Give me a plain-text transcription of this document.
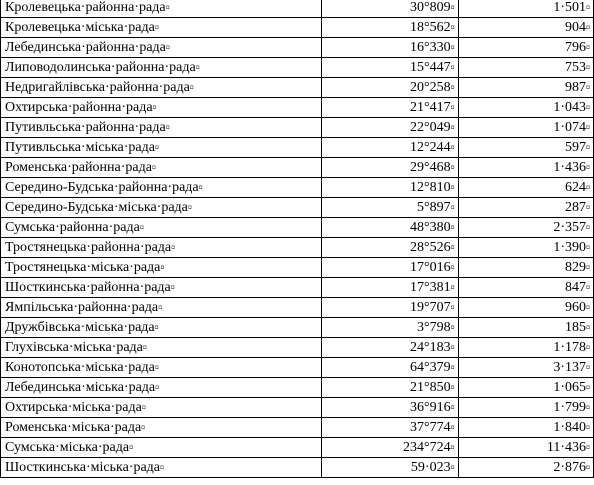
Кролевецька·районна·рада¤	30°809¤	1·501¤
Кролевецька·міська·рада¤	18°562¤	904¤
Лебединська·районна·рада¤	16°330¤	796¤
Липоводолинська·районна·рада¤	15°447¤	753¤
Недригайлівська·районна·рада¤	20°258¤	987¤
Охтирська·районна·рада¤	21°417¤	1·043¤
Путивльська·районна·рада¤	22°049¤	1·074¤
Путивльська·міська·рада¤	12°244¤	597¤
Роменська·районна·рада¤	29°468¤	1·436¤
Середино-Будська·районна·рада¤	12°810¤	624¤
Середино-Будська·міська·рада¤	5°897¤	287¤
Сумська·районна·рада¤	48°380¤	2·357¤
Тростянецька·районна·рада¤	28°526¤	1·390¤
Тростянецька·міська·рада¤	17°016¤	829¤
Шосткинська·районна·рада¤	17°381¤	847¤
Ямпільська·районна·рада¤	19°707¤	960¤
Дружбівська·міська·рада¤	3°798¤	185¤
Глухівська·міська·рада¤	24°183¤	1·178¤
Конотопська·міська·рада¤	64°379¤	3·137¤
Лебединська·міська·рада¤	21°850¤	1·065¤
Охтирська·міська·рада¤	36°916¤	1·799¤
Роменська·міська·рада¤	37°774¤	1·840¤
Сумська·міська·рада¤	234°724¤	11·436¤
Шосткинська·міська·рада¤	59·023¤	2·876¤
